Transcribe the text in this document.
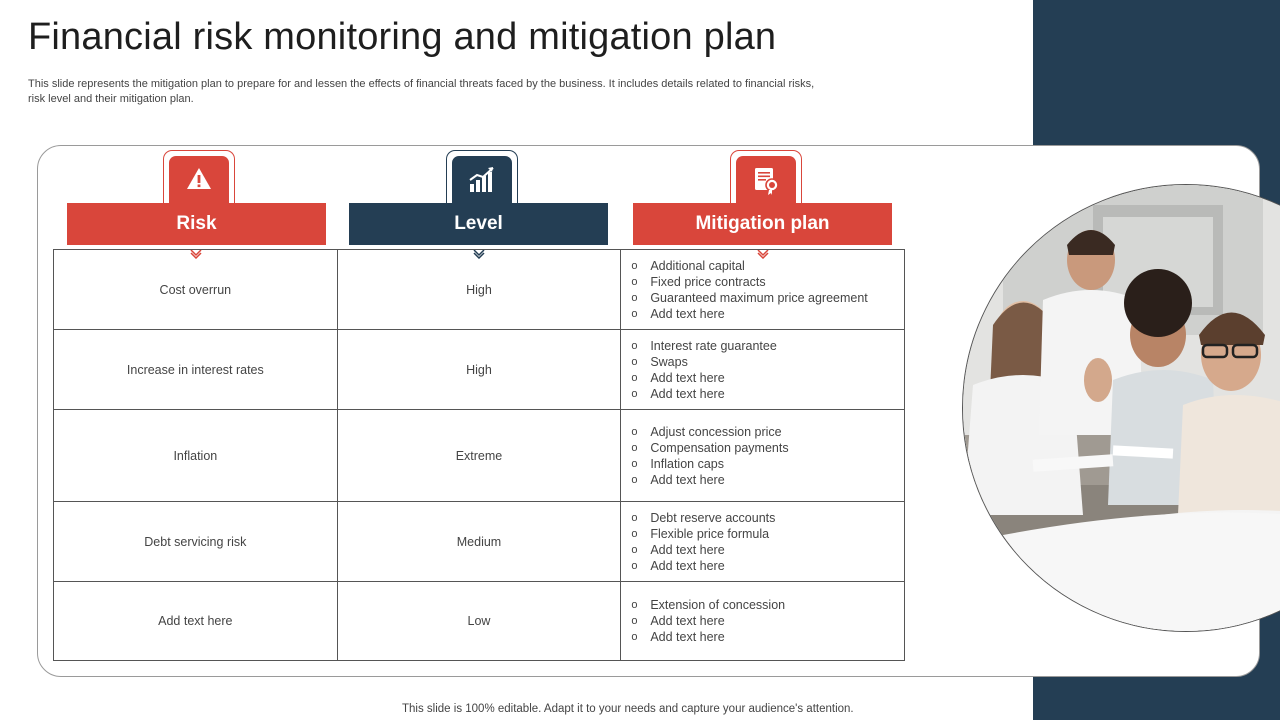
Financial risk monitoring and mitigation plan
This slide represents the mitigation plan to prepare for and lessen the effects of financial threats faced by the business. It includes details related to financial risks, risk level and their mitigation plan.
Risk	Level	Mitigation plan
Cost overrun	High
o Additional capital
o Fixed price contracts
o Guaranteed maximum price agreement
o Add text here
Increase in interest rates	High
o Interest rate guarantee
o Swaps
o Add text here
o Add text here
Inflation	Extreme
o Adjust concession price
o Compensation payments
o Inflation caps
o Add text here
Debt servicing risk	Medium
o Debt reserve accounts
o Flexible price formula
o Add text here
o Add text here
Add text here	Low
o Extension of concession
o Add text here
o Add text here
This slide is 100% editable. Adapt it to your needs and capture your audience's attention.
